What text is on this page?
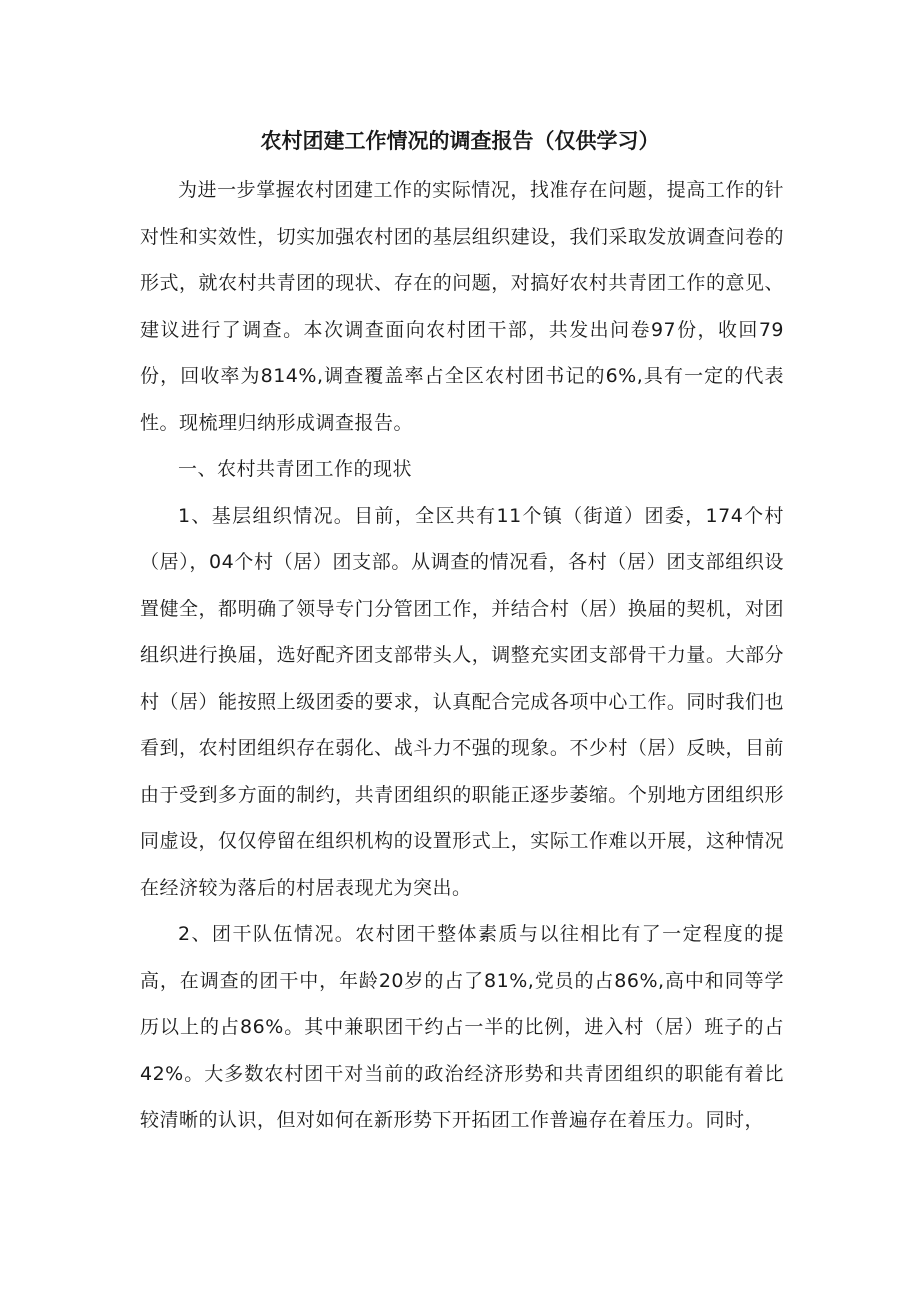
农村团建工作情况的调查报告（仅供学习）

为进一步掌握农村团建工作的实际情况，找准存在问题，提高工作的针对性和实效性，切实加强农村团的基层组织建设，我们采取发放调查问卷的形式，就农村共青团的现状、存在的问题，对搞好农村共青团工作的意见、建议进行了调查。本次调查面向农村团干部，共发出问卷97份，收回79份，回收率为814%,调查覆盖率占全区农村团书记的6%,具有一定的代表性。现梳理归纳形成调查报告。

一、农村共青团工作的现状

1、基层组织情况。目前，全区共有11个镇（街道）团委，174个村（居），04个村（居）团支部。从调查的情况看，各村（居）团支部组织设置健全，都明确了领导专门分管团工作，并结合村（居）换届的契机，对团组织进行换届，选好配齐团支部带头人，调整充实团支部骨干力量。大部分村（居）能按照上级团委的要求，认真配合完成各项中心工作。同时我们也看到，农村团组织存在弱化、战斗力不强的现象。不少村（居）反映，目前由于受到多方面的制约，共青团组织的职能正逐步萎缩。个别地方团组织形同虚设，仅仅停留在组织机构的设置形式上，实际工作难以开展，这种情况在经济较为落后的村居表现尤为突出。

2、团干队伍情况。农村团干整体素质与以往相比有了一定程度的提高，在调查的团干中，年龄20岁的占了81%,党员的占86%,高中和同等学历以上的占86%。其中兼职团干约占一半的比例，进入村（居）班子的占42%。大多数农村团干对当前的政治经济形势和共青团组织的职能有着比较清晰的认识，但对如何在新形势下开拓团工作普遍存在着压力。同时，
